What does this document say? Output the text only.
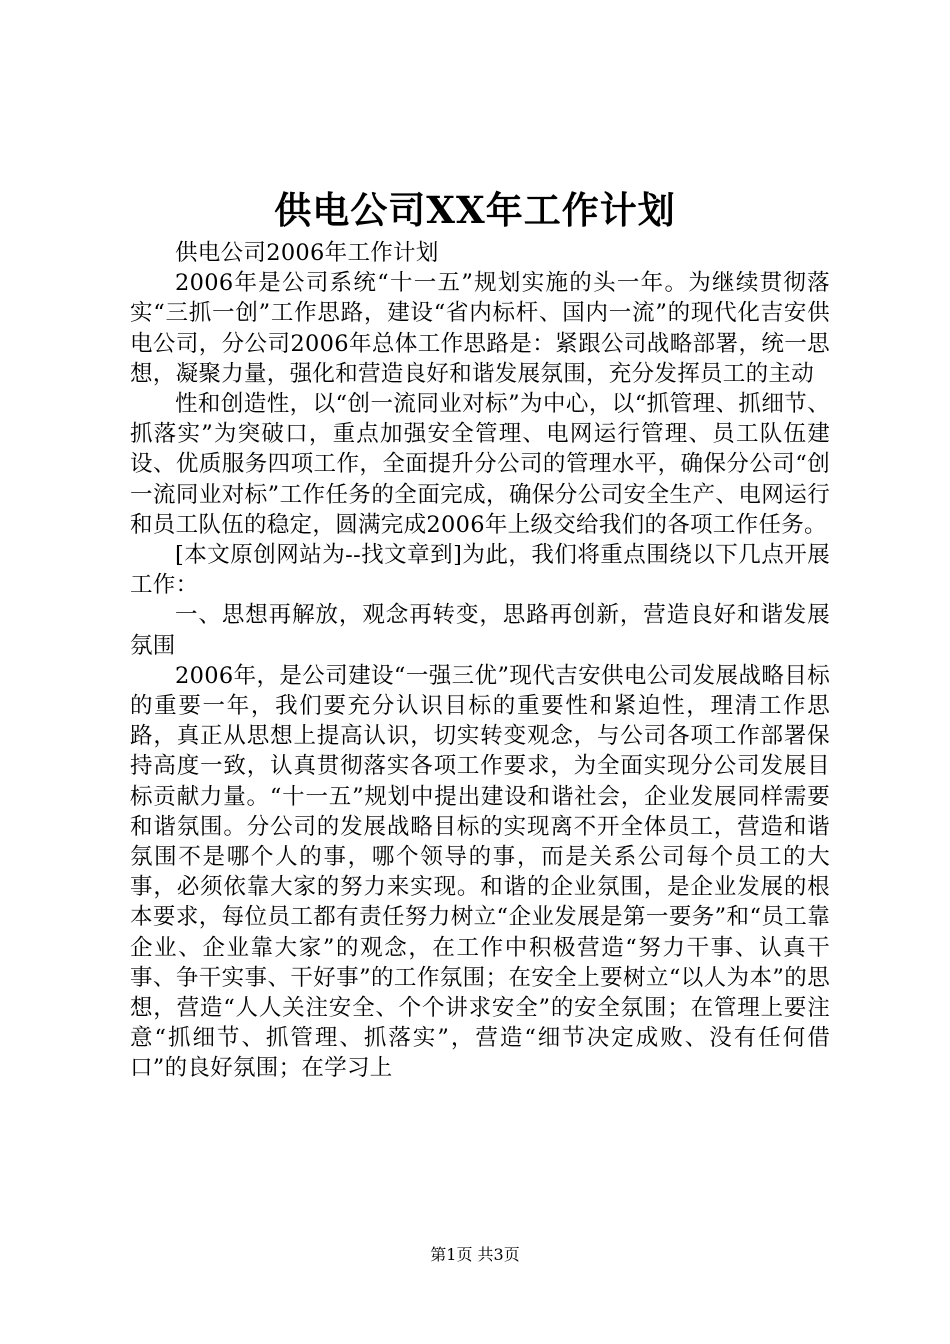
供电公司XX年工作计划

供电公司2006年工作计划

2006年是公司系统“十一五”规划实施的头一年。为继续贯彻落实“三抓一创”工作思路，建设“省内标杆、国内一流”的现代化吉安供电公司，分公司2006年总体工作思路是：紧跟公司战略部署，统一思想，凝聚力量，强化和营造良好和谐发展氛围，充分发挥员工的主动

性和创造性，以“创一流同业对标”为中心，以“抓管理、抓细节、抓落实”为突破口，重点加强安全管理、电网运行管理、员工队伍建设、优质服务四项工作，全面提升分公司的管理水平，确保分公司“创一流同业对标”工作任务的全面完成，确保分公司安全生产、电网运行和员工队伍的稳定，圆满完成2006年上级交给我们的各项工作任务。

[本文原创网站为--找文章到]为此，我们将重点围绕以下几点开展工作：

一、思想再解放，观念再转变，思路再创新，营造良好和谐发展氛围

2006年，是公司建设“一强三优”现代吉安供电公司发展战略目标的重要一年，我们要充分认识目标的重要性和紧迫性，理清工作思路，真正从思想上提高认识，切实转变观念，与公司各项工作部署保持高度一致，认真贯彻落实各项工作要求，为全面实现分公司发展目标贡献力量。“十一五”规划中提出建设和谐社会，企业发展同样需要和谐氛围。分公司的发展战略目标的实现离不开全体员工，营造和谐氛围不是哪个人的事，哪个领导的事，而是关系公司每个员工的大事，必须依靠大家的努力来实现。和谐的企业氛围，是企业发展的根本要求，每位员工都有责任努力树立“企业发展是第一要务”和“员工靠企业、企业靠大家”的观念，在工作中积极营造“努力干事、认真干事、争干实事、干好事”的工作氛围；在安全上要树立“以人为本”的思想，营造“人人关注安全、个个讲求安全”的安全氛围；在管理上要注意“抓细节、抓管理、抓落实”，营造“细节决定成败、没有任何借口”的良好氛围；在学习上

第1页 共3页
